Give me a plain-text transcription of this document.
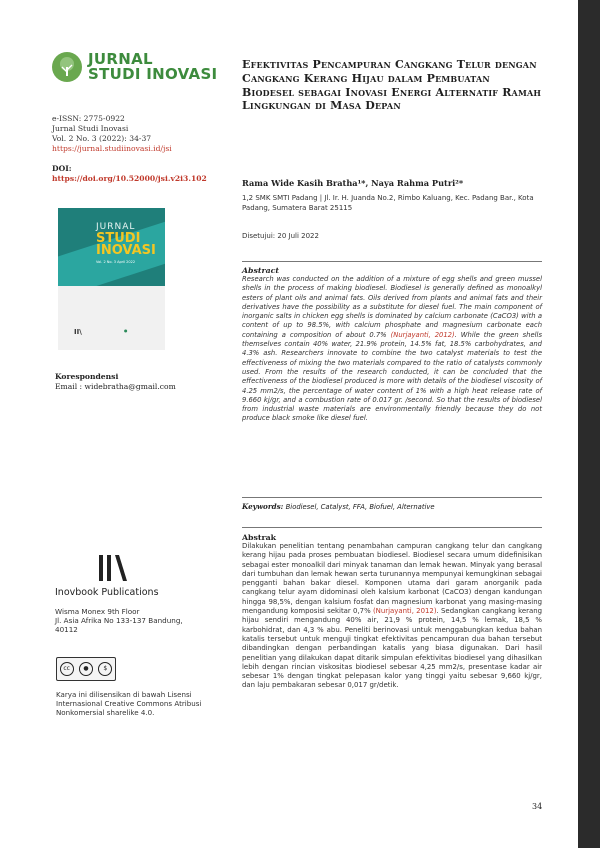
JURNAL
STUDI INOVASI
e-ISSN: 2775-0922
Jurnal Studi Inovasi
Vol. 2 No. 3 (2022): 34-37
https://jurnal.studiinovasi.id/jsi
DOI:
https://doi.org/10.52000/jsi.v2i3.102
JURNAL
STUDI
INOVASI
Vol. 2 No. 3 April 2022
II\	●
Korespondensi
Email : widebratha@gmail.com
Inovbook Publications
Wisma Monex 9th Floor
Jl. Asia Afrika No 133-137 Bandung,
40112
cc	●	$
Karya ini dilisensikan di bawah Lisensi Internasional Creative Commons Atribusi Nonkomersial sharelike 4.0.
Efektivitas Pencampuran Cangkang Telur dengan Cangkang Kerang Hijau dalam Pembuatan Biodesel sebagai Inovasi Energi Alternatif Ramah Lingkungan di Masa Depan
Rama Wide Kasih Bratha¹*, Naya Rahma Putri²*
1,2 SMK SMTI Padang | Jl. Ir. H. Juanda No.2, Rimbo Kaluang, Kec. Padang Bar., Kota Padang, Sumatera Barat 25115
Disetujui: 20 Juli 2022
Abstract
Research was conducted on the addition of a mixture of egg shells and green mussel shells in the process of making biodiesel. Biodiesel is generally defined as monoalkyl esters of plant oils and animal fats. Oils derived from plants and animal fats and their derivatives have the possibility as a substitute for diesel fuel. The main component of inorganic salts in chicken egg shells is dominated by calcium carbonate (CaCO3) with a content of up to 98.5%, with calcium phosphate and magnesium carbonate each containing a composition of about 0.7% (Nurjayanti, 2012). While the green shells themselves contain 40% water, 21.9% protein, 14.5% fat, 18.5% carbohydrates, and 4.3% ash. Researchers innovate to combine the two catalyst materials to test the effectiveness of mixing the two materials compared to the ratio of catalysts commonly used. From the results of the research conducted, it can be concluded that the effectiveness of the biodiesel produced is more with details of the biodiesel viscosity of 4.25 mm2/s, the percentage of water content of 1% with a high heat release rate of 9.660 kj/gr, and a combustion rate of 0.017 gr. /second. So that the results of biodiesel from industrial waste materials are environmentally friendly because they do not produce black smoke like diesel fuel.
Keywords: Biodiesel, Catalyst, FFA, Biofuel, Alternative
Abstrak
Dilakukan penelitian tentang penambahan campuran cangkang telur dan cangkang kerang hijau pada proses pembuatan biodiesel. Biodiesel secara umum didefinisikan sebagai ester monoalkil dari minyak tanaman dan lemak hewan. Minyak yang berasal dari tumbuhan dan lemak hewan serta turunannya mempunyai kemungkinan sebagai pengganti bahan bakar diesel. Komponen utama dari garam anorganik pada cangkang telur ayam didominasi oleh kalsium karbonat (CaCO3) dengan kandungan hingga 98,5%, dengan kalsium fosfat dan magnesium karbonat yang masing-masing mengandung komposisi sekitar 0,7% (Nurjayanti, 2012). Sedangkan cangkang kerang hijau sendiri mengandung 40% air, 21,9 % protein, 14,5 % lemak, 18,5 % karbohidrat, dan 4,3 % abu. Peneliti berinovasi untuk menggabungkan kedua bahan katalis tersebut untuk menguji tingkat efektivitas pencampuran dua bahan tersebut dibandingkan dengan perbandingan katalis yang biasa digunakan. Dari hasil penelitian yang dilakukan dapat ditarik simpulan efektivitas biodiesel yang dihasilkan lebih dengan rincian viskositas biodiesel sebesar 4,25 mm2/s, presentase kadar air sebesar 1% dengan tingkat pelepasan kalor yang tinggi yaitu sebesar 9,660 kj/gr, dan laju pembakaran sebesar 0,017 gr/detik.
34
